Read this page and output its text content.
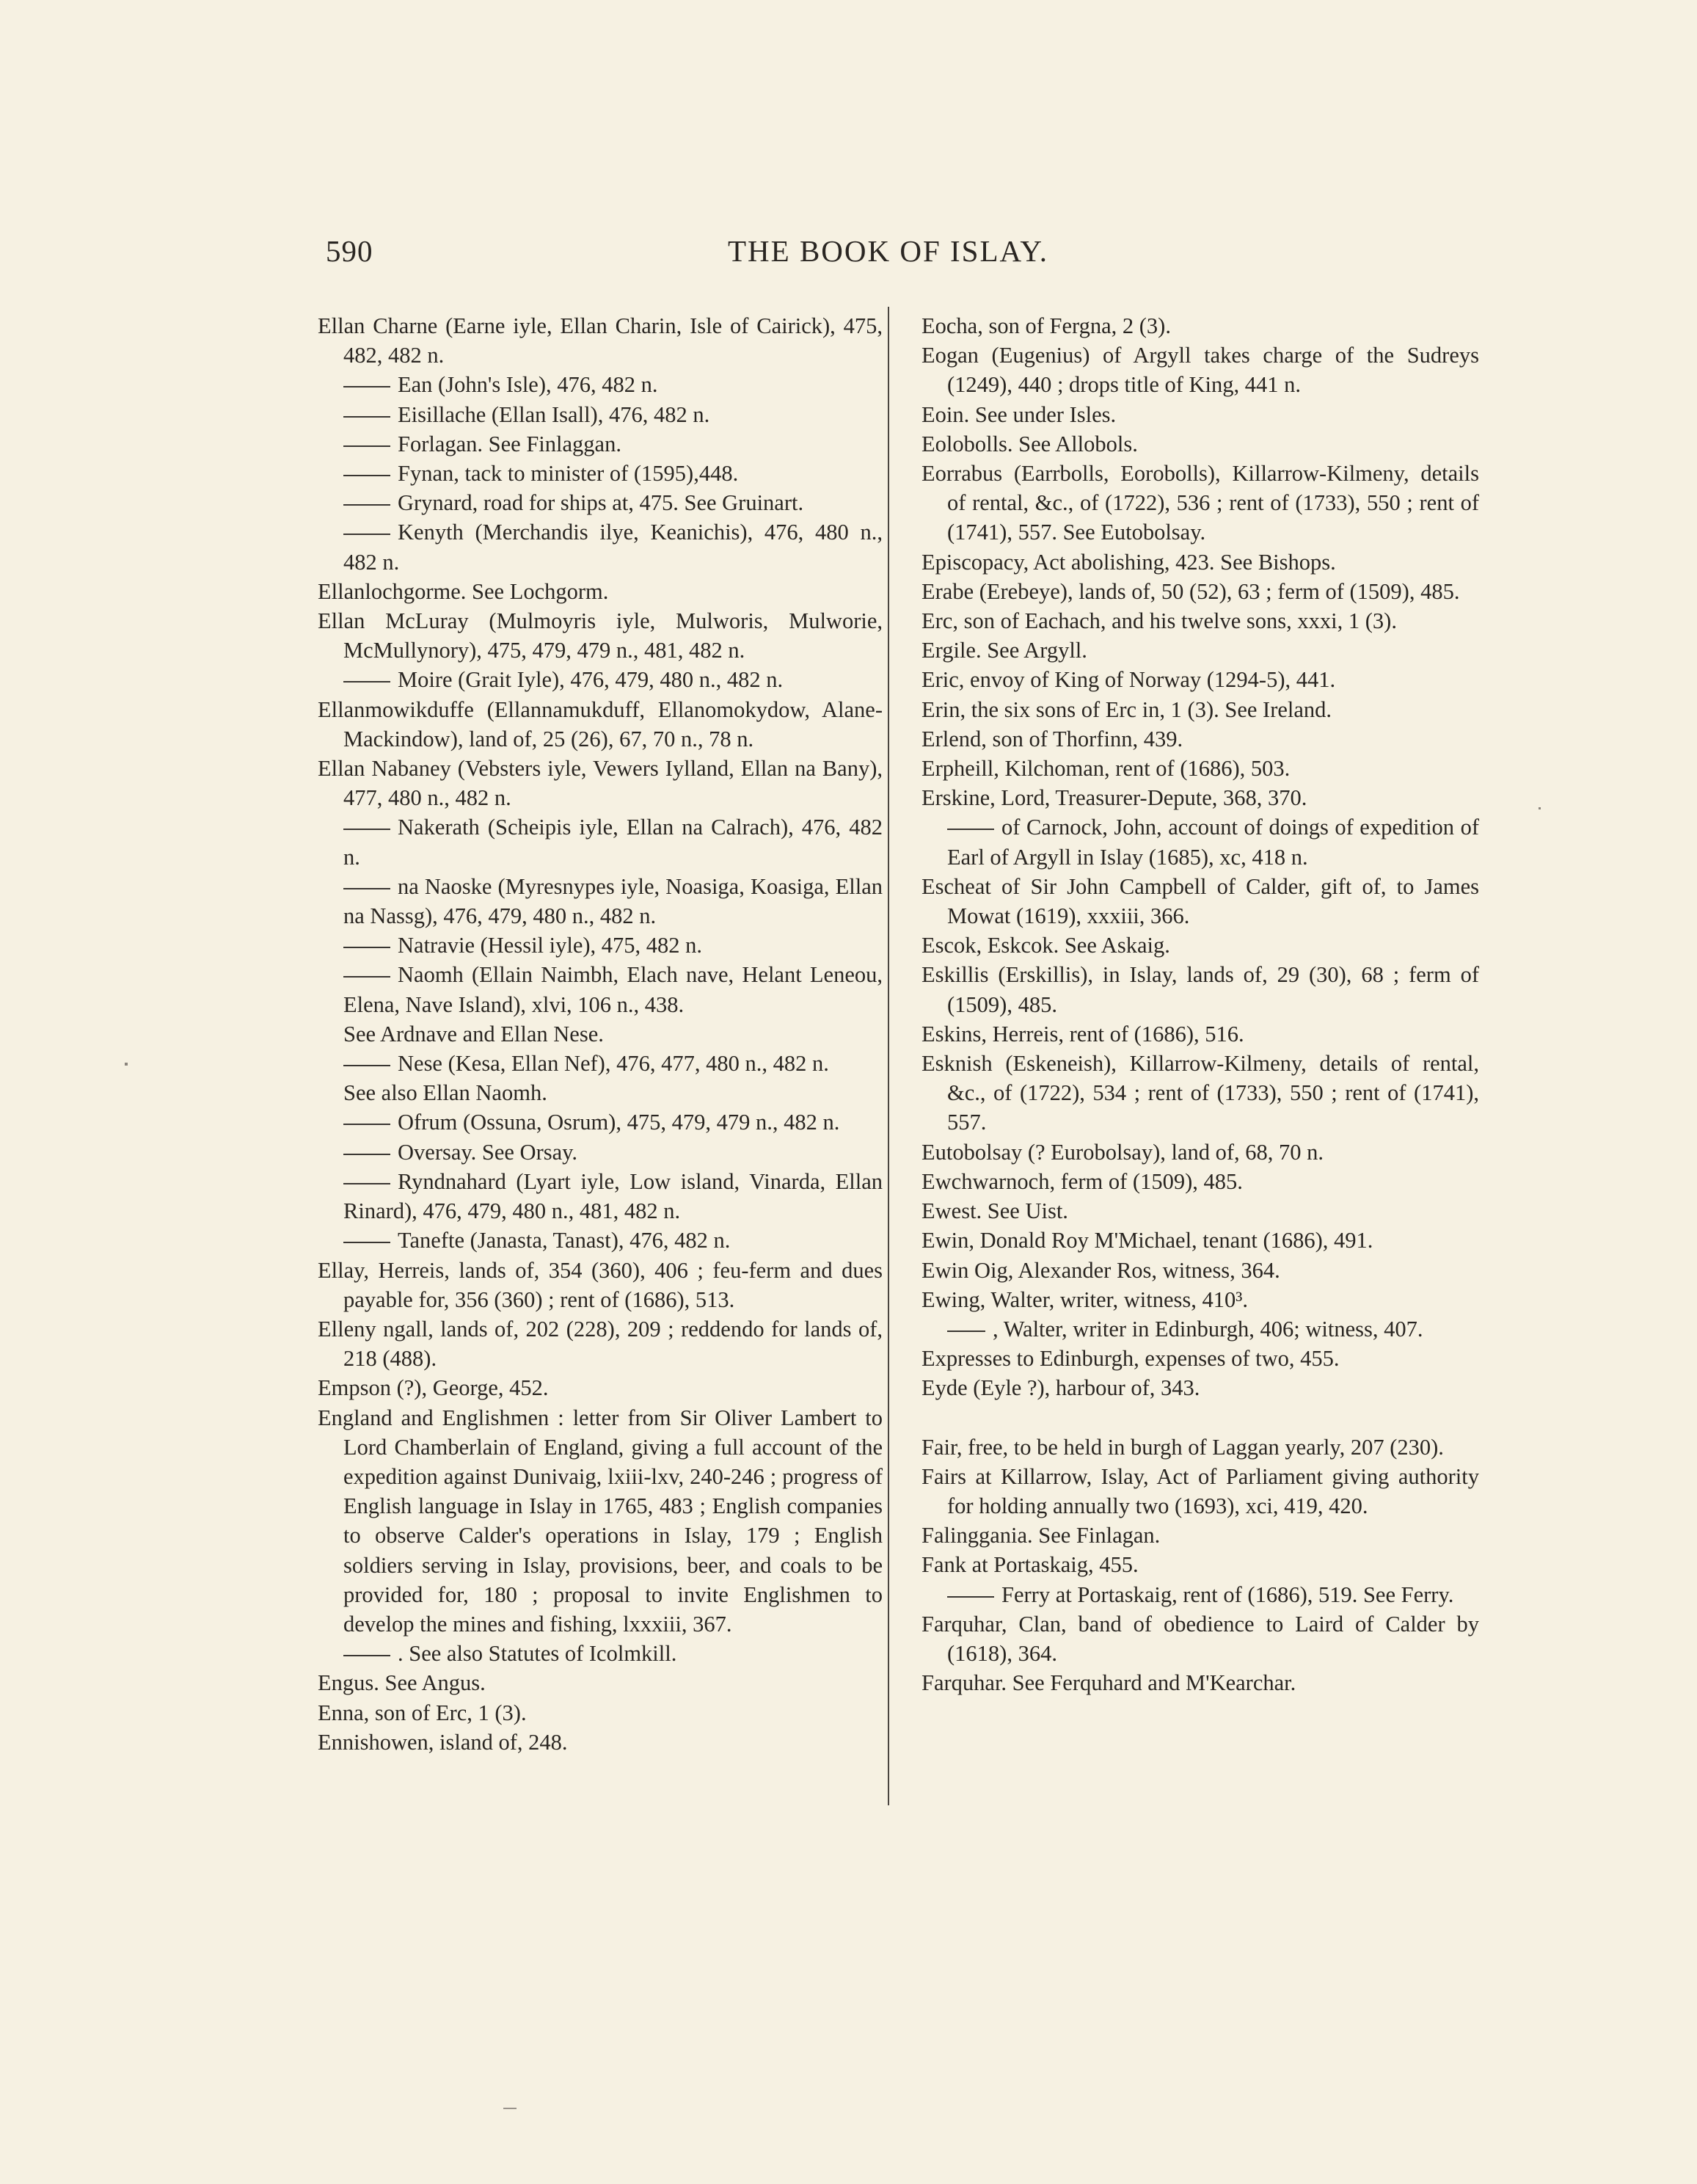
590	THE BOOK OF ISLAY.
Ellan Charne (Earne iyle, Ellan Charin, Isle of Cairick), 475, 482, 482 n.
Ean (John's Isle), 476, 482 n.
Eisillache (Ellan Isall), 476, 482 n.
Forlagan. See Finlaggan.
Fynan, tack to minister of (1595),448.
Grynard, road for ships at, 475. See Gruinart.
Kenyth (Merchandis ilye, Keanichis), 476, 480 n., 482 n.
Ellanlochgorme. See Lochgorm.
Ellan McLuray (Mulmoyris iyle, Mulworis, Mulworie, McMullynory), 475, 479, 479 n., 481, 482 n.
Moire (Grait Iyle), 476, 479, 480 n., 482 n.
Ellanmowikduffe (Ellannamukduff, Ellanomokydow, Alane-Mackindow), land of, 25 (26), 67, 70 n., 78 n.
Ellan Nabaney (Vebsters iyle, Vewers Iylland, Ellan na Bany), 477, 480 n., 482 n.
Nakerath (Scheipis iyle, Ellan na Calrach), 476, 482 n.
na Naoske (Myresnypes iyle, Noasiga, Koasiga, Ellan na Nassg), 476, 479, 480 n., 482 n.
Natravie (Hessil iyle), 475, 482 n.
Naomh (Ellain Naimbh, Elach nave, Helant Leneou, Elena, Nave Island), xlvi, 106 n., 438.
See Ardnave and Ellan Nese.
Nese (Kesa, Ellan Nef), 476, 477, 480 n., 482 n.
See also Ellan Naomh.
Ofrum (Ossuna, Osrum), 475, 479, 479 n., 482 n.
Oversay. See Orsay.
Ryndnahard (Lyart iyle, Low island, Vinarda, Ellan Rinard), 476, 479, 480 n., 481, 482 n.
Tanefte (Janasta, Tanast), 476, 482 n.
Ellay, Herreis, lands of, 354 (360), 406 ; feu-ferm and dues payable for, 356 (360) ; rent of (1686), 513.
Elleny ngall, lands of, 202 (228), 209 ; reddendo for lands of, 218 (488).
Empson (?), George, 452.
England and Englishmen : letter from Sir Oliver Lambert to Lord Chamberlain of England, giving a full account of the expedition against Dunivaig, lxiii-lxv, 240-246 ; progress of English language in Islay in 1765, 483 ; English companies to observe Calder's operations in Islay, 179 ; English soldiers serving in Islay, provisions, beer, and coals to be provided for, 180 ; proposal to invite Englishmen to develop the mines and fishing, lxxxiii, 367.
. See also Statutes of Icolmkill.
Engus. See Angus.
Enna, son of Erc, 1 (3).
Ennishowen, island of, 248.
Eocha, son of Fergna, 2 (3).
Eogan (Eugenius) of Argyll takes charge of the Sudreys (1249), 440 ; drops title of King, 441 n.
Eoin. See under Isles.
Eolobolls. See Allobols.
Eorrabus (Earrbolls, Eorobolls), Killarrow-Kilmeny, details of rental, &c., of (1722), 536 ; rent of (1733), 550 ; rent of (1741), 557. See Eutobolsay.
Episcopacy, Act abolishing, 423. See Bishops.
Erabe (Erebeye), lands of, 50 (52), 63 ; ferm of (1509), 485.
Erc, son of Eachach, and his twelve sons, xxxi, 1 (3).
Ergile. See Argyll.
Eric, envoy of King of Norway (1294-5), 441.
Erin, the six sons of Erc in, 1 (3). See Ireland.
Erlend, son of Thorfinn, 439.
Erpheill, Kilchoman, rent of (1686), 503.
Erskine, Lord, Treasurer-Depute, 368, 370.
of Carnock, John, account of doings of expedition of Earl of Argyll in Islay (1685), xc, 418 n.
Escheat of Sir John Campbell of Calder, gift of, to James Mowat (1619), xxxiii, 366.
Escok, Eskcok. See Askaig.
Eskillis (Erskillis), in Islay, lands of, 29 (30), 68 ; ferm of (1509), 485.
Eskins, Herreis, rent of (1686), 516.
Esknish (Eskeneish), Killarrow-Kilmeny, details of rental, &c., of (1722), 534 ; rent of (1733), 550 ; rent of (1741), 557.
Eutobolsay (? Eurobolsay), land of, 68, 70 n.
Ewchwarnoch, ferm of (1509), 485.
Ewest. See Uist.
Ewin, Donald Roy M'Michael, tenant (1686), 491.
Ewin Oig, Alexander Ros, witness, 364.
Ewing, Walter, writer, witness, 410³.
, Walter, writer in Edinburgh, 406; witness, 407.
Expresses to Edinburgh, expenses of two, 455.
Eyde (Eyle ?), harbour of, 343.
Fair, free, to be held in burgh of Laggan yearly, 207 (230).
Fairs at Killarrow, Islay, Act of Parliament giving authority for holding annually two (1693), xci, 419, 420.
Falinggania. See Finlagan.
Fank at Portaskaig, 455.
Ferry at Portaskaig, rent of (1686), 519. See Ferry.
Farquhar, Clan, band of obedience to Laird of Calder by (1618), 364.
Farquhar. See Ferquhard and M'Kearchar.
